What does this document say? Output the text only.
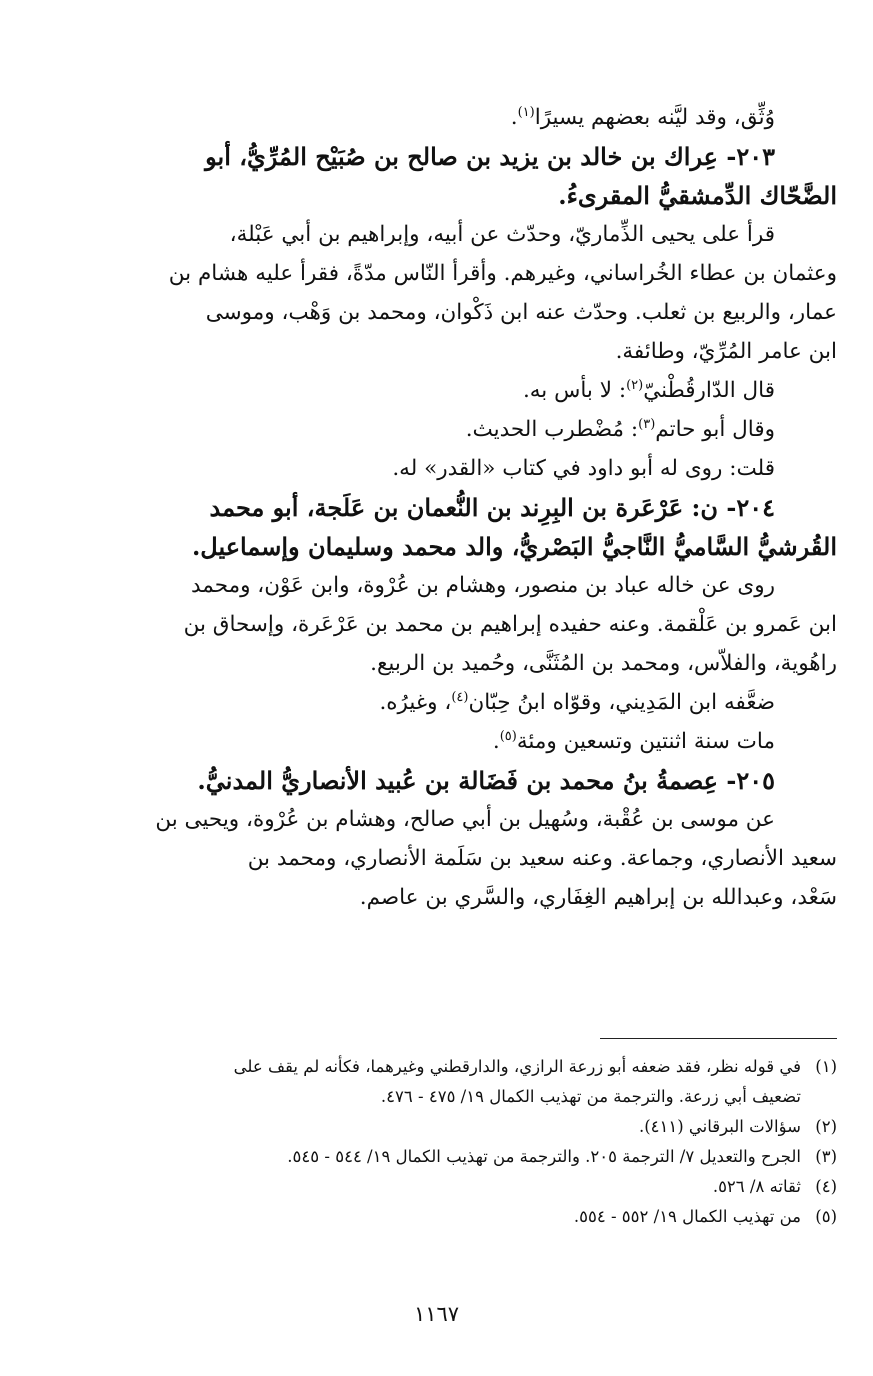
وُثِّق، وقد ليَّنه بعضهم يسيرًا$^{(١)}$.

٢٠٣- عِراك بن خالد بن يزيد بن صالح بن صُبَيْح المُرِّيُّ، أبو

الضَّحّاك الدِّمشقيُّ المقرىءُ.

قرأ على يحيى الذِّماريّ، وحدّث عن أبيه، وإبراهيم بن أبي عَبْلة،

وعثمان بن عطاء الخُراساني، وغيرهم. وأقرأ النّاس مدّةً، فقرأ عليه هشام بن

عمار، والربيع بن ثعلب. وحدّث عنه ابن ذَكْوان، ومحمد بن وَهْب، وموسى

ابن عامر المُرِّيّ، وطائفة.

قال الدّارقُطْنيّ$^{(٢)}$: لا بأس به.

وقال أبو حاتم$^{(٣)}$: مُضْطرب الحديث.

قلت: روى له أبو داود في كتاب «القدر» له.

٢٠٤- ن: عَرْعَرة بن البِرِند بن النُّعمان بن عَلَجة، أبو محمد

القُرشيُّ السَّاميُّ النَّاجيُّ البَصْريُّ، والد محمد وسليمان وإسماعيل.

روى عن خاله عباد بن منصور، وهشام بن عُرْوة، وابن عَوْن، ومحمد

ابن عَمرو بن عَلْقمة. وعنه حفيده إبراهيم بن محمد بن عَرْعَرة، وإسحاق بن

راهُوية، والفلاّس، ومحمد بن المُثَنَّى، وحُميد بن الربيع.

ضعَّفه ابن المَدِيني، وقوّاه ابنُ حِبّان$^{(٤)}$، وغيرُه.

مات سنة اثنتين وتسعين ومئة$^{(٥)}$.

٢٠٥- عِصمةُ بنُ محمد بن فَضَالة بن عُبيد الأنصاريُّ المدنيُّ.

عن موسى بن عُقْبة، وسُهيل بن أبي صالح، وهشام بن عُرْوة، ويحيى بن

سعيد الأنصاري، وجماعة. وعنه سعيد بن سَلَمة الأنصاري، ومحمد بن

سَعْد، وعبدالله بن إبراهيم الغِفَاري، والسَّري بن عاصم.

(١)في قوله نظر، فقد ضعفه أبو زرعة الرازي، والدارقطني وغيرهما، فكأنه لم يقف على
تضعيف أبي زرعة. والترجمة من تهذيب الكمال ١٩/ ٤٧٥ - ٤٧٦.
(٢)سؤالات البرقاني (٤١١).
(٣)الجرح والتعديل ٧/ الترجمة ٢٠٥. والترجمة من تهذيب الكمال ١٩/ ٥٤٤ - ٥٤٥.
(٤)ثقاته ٨/ ٥٢٦.
(٥)من تهذيب الكمال ١٩/ ٥٥٢ - ٥٥٤.
١١٦٧
